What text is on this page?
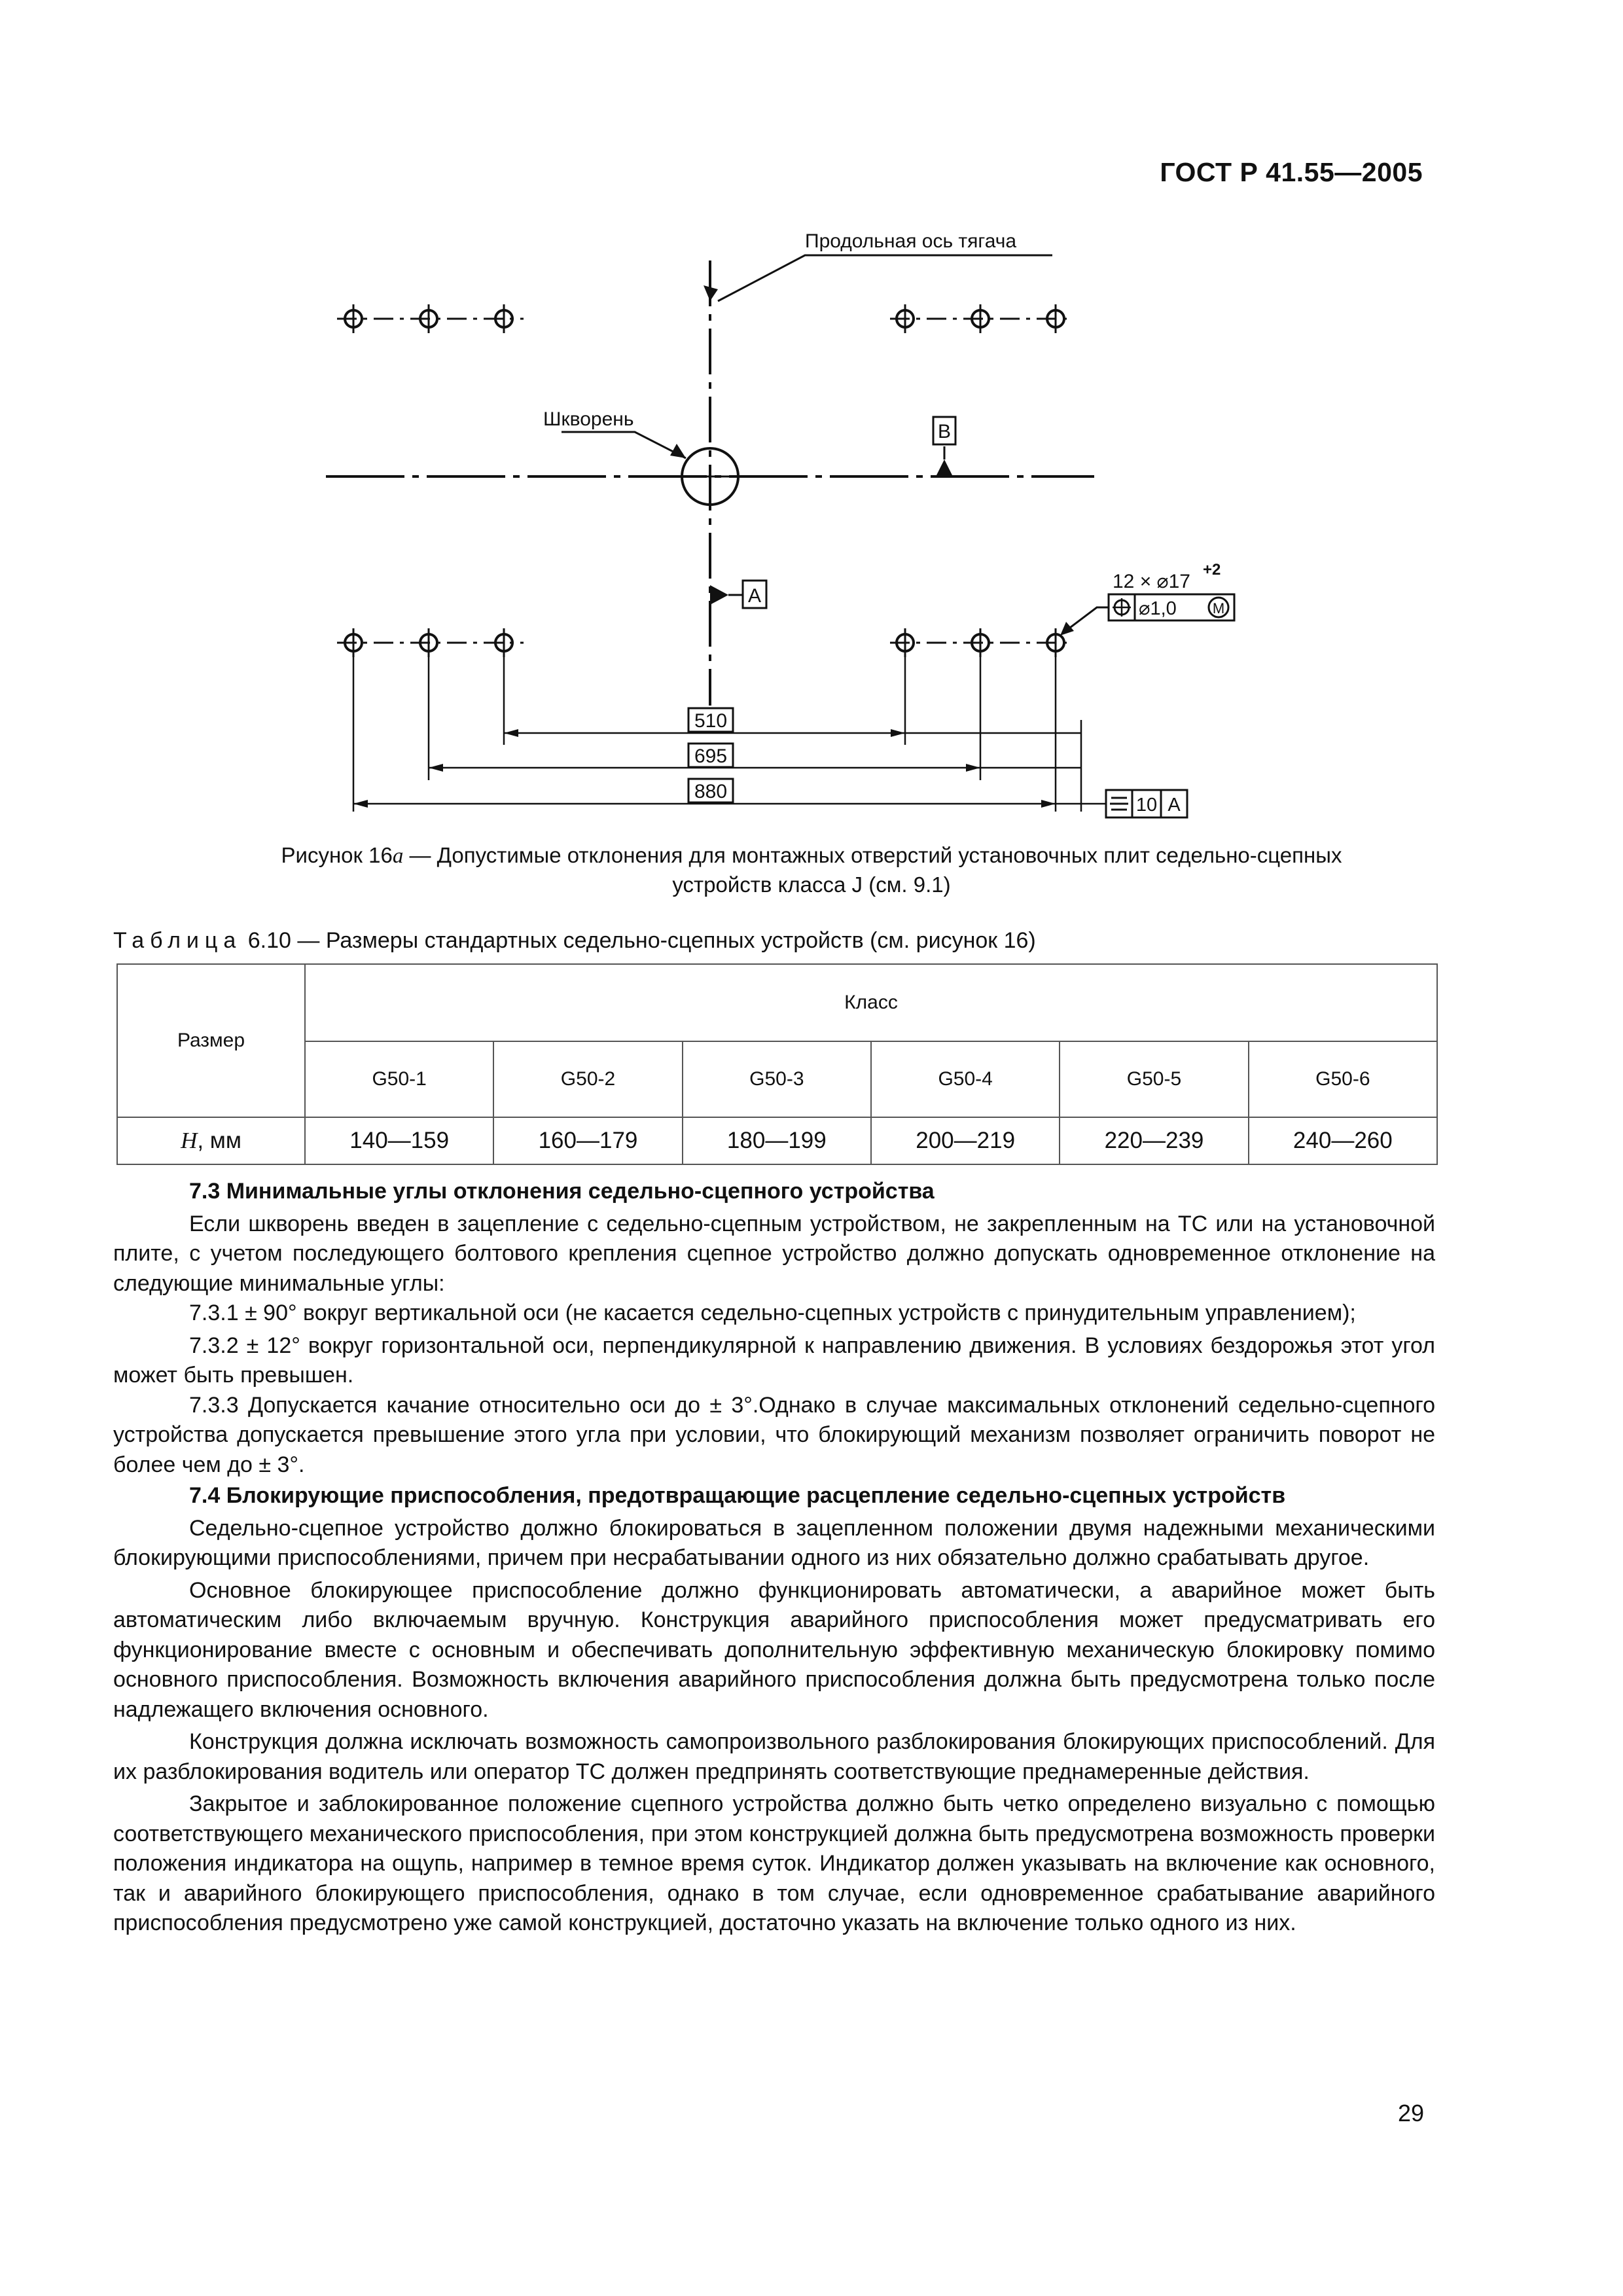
ГОСТ Р 41.55—2005
B
A
12 × ⌀17
+2
⌀1,0	M
10 A
510
695
880
Продольная ось тягача
Шкворень
Рисунок 16а — Допустимые отклонения для монтажных отверстий установочных плит седельно-сцепных
устройств класса J (см. 9.1)
Таблица 6.10 — Размеры стандартных седельно-сцепных устройств (см. рисунок 16)
Размер	Класс					
	G50-1	G50-2	G50-3	G50-4	G50-5	G50-6
H, мм	140—159	160—179	180—199	200—219	220—239	240—260
7.3 Минимальные углы отклонения седельно-сцепного устройства

Если шкворень введен в зацепление с седельно-сцепным устройством, не закрепленным на ТС или на установочной плите, с учетом последующего болтового крепления сцепное устройство должно допускать одновременное отклонение на следующие минимальные углы:

7.3.1 ± 90° вокруг вертикальной оси (не касается седельно-сцепных устройств с принудительным управлением);

7.3.2 ± 12° вокруг горизонтальной оси, перпендикулярной к направлению движения. В условиях бездорожья этот угол может быть превышен.

7.3.3 Допускается качание относительно оси до ± 3°.Однако в случае максимальных отклонений седельно-сцепного устройства допускается превышение этого угла при условии, что блокирующий механизм позволяет ограничить поворот не более чем до ± 3°.

7.4 Блокирующие приспособления, предотвращающие расцепление седельно-сцепных устройств

Седельно-сцепное устройство должно блокироваться в зацепленном положении двумя надежными механическими блокирующими приспособлениями, причем при несрабатывании одного из них обязательно должно срабатывать другое.

Основное блокирующее приспособление должно функционировать автоматически, а аварийное может быть автоматическим либо включаемым вручную. Конструкция аварийного приспособления может предусматривать его функционирование вместе с основным и обеспечивать дополнительную эффективную механическую блокировку помимо основного приспособления. Возможность включения аварийного приспособления должна быть предусмотрена только после надлежащего включения основного.

Конструкция должна исключать возможность самопроизвольного разблокирования блокирующих приспособлений. Для их разблокирования водитель или оператор ТС должен предпринять соответствующие преднамеренные действия.

Закрытое и заблокированное положение сцепного устройства должно быть четко определено визуально с помощью соответствующего механического приспособления, при этом конструкцией должна быть предусмотрена возможность проверки положения индикатора на ощупь, например в темное время суток. Индикатор должен указывать на включение как основного, так и аварийного блокирующего приспособления, однако в том случае, если одновременное срабатывание аварийного приспособления предусмотрено уже самой конструкцией, достаточно указать на включение только одного из них.

29
